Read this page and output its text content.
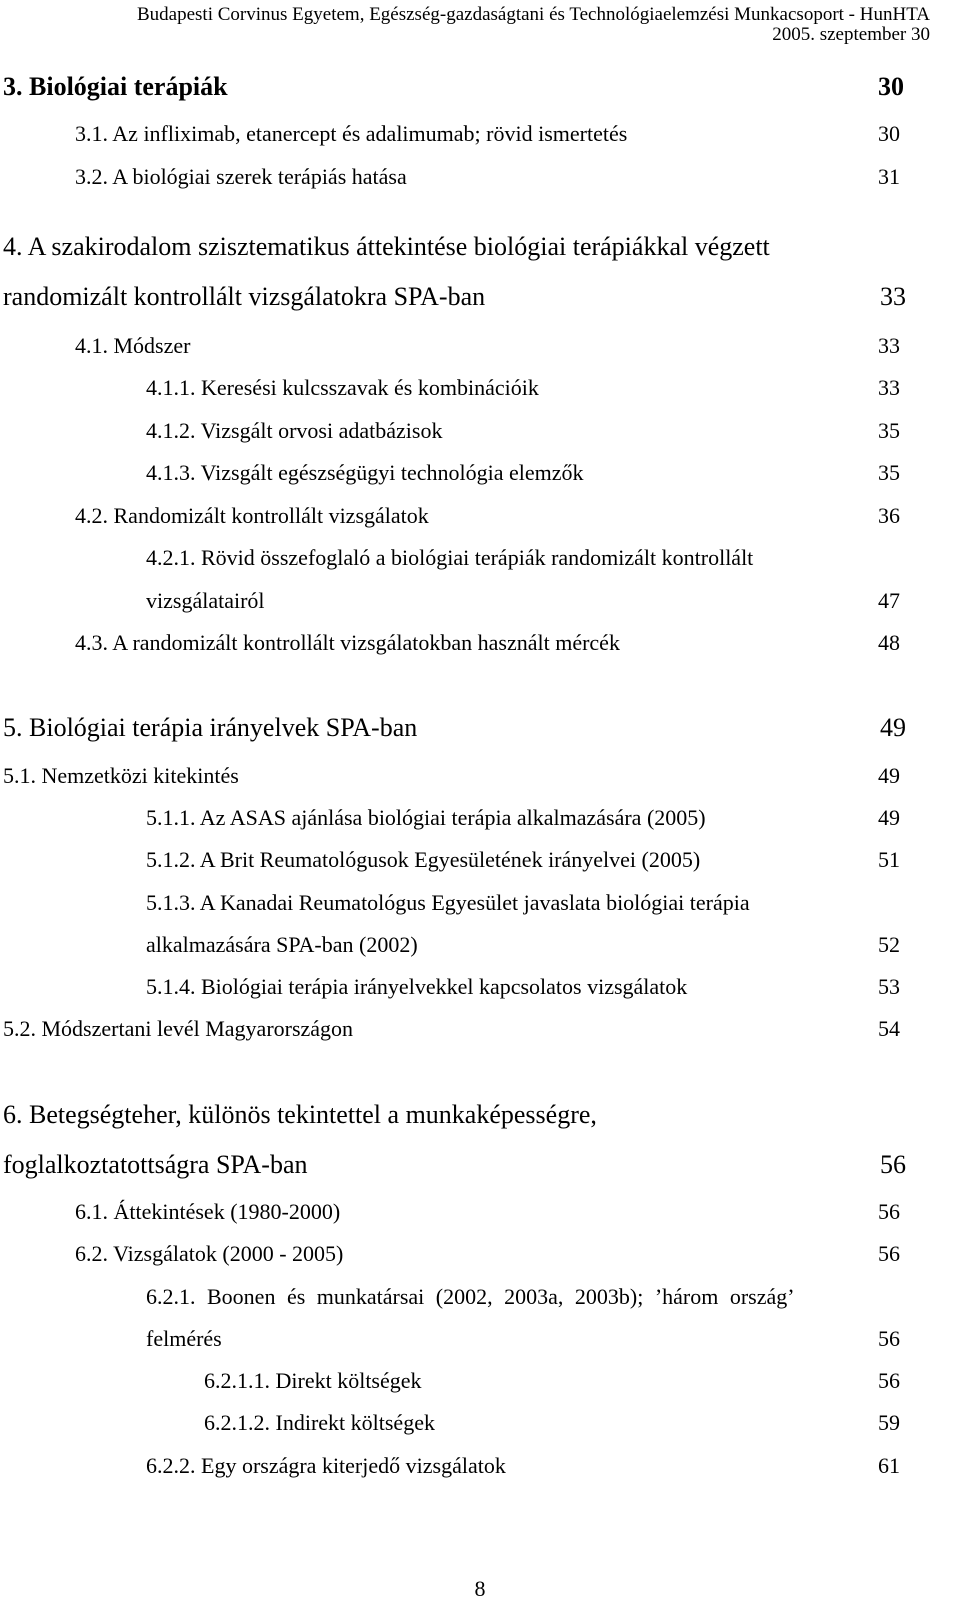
Budapesti Corvinus Egyetem, Egészség-gazdaságtani és Technológiaelemzési Munkacsoport - HunHTA
2005. szeptember 30
3. Biológiai terápiák	30
3.1. Az infliximab, etanercept és adalimumab; rövid ismertetés	30
3.2. A biológiai szerek terápiás hatása	31
4. A szakirodalom szisztematikus áttekintése biológiai terápiákkal végzett
randomizált kontrollált vizsgálatokra SPA-ban	33
4.1. Módszer	33
4.1.1. Keresési kulcsszavak és kombinációik	33
4.1.2. Vizsgált orvosi adatbázisok	35
4.1.3. Vizsgált egészségügyi technológia elemzők	35
4.2. Randomizált kontrollált vizsgálatok	36
4.2.1. Rövid összefoglaló a biológiai terápiák randomizált kontrollált
vizsgálatairól	47
4.3. A randomizált kontrollált vizsgálatokban használt mércék	48
5. Biológiai terápia irányelvek SPA-ban	49
5.1. Nemzetközi kitekintés	49
5.1.1. Az ASAS ajánlása biológiai terápia alkalmazására (2005)	49
5.1.2. A Brit Reumatológusok Egyesületének irányelvei (2005)	51
5.1.3. A Kanadai Reumatológus Egyesület javaslata biológiai terápia
alkalmazására SPA-ban (2002)	52
5.1.4. Biológiai terápia irányelvekkel kapcsolatos vizsgálatok	53
5.2. Módszertani levél Magyarországon	54
6. Betegségteher, különös tekintettel a munkaképességre,
foglalkoztatottságra SPA-ban	56
6.1. Áttekintések (1980-2000)	56
6.2. Vizsgálatok (2000 - 2005)	56
6.2.1. Boonen és munkatársai (2002, 2003a, 2003b); ’három ország’
felmérés	56
6.2.1.1. Direkt költségek	56
6.2.1.2. Indirekt költségek	59
6.2.2. Egy országra kiterjedő vizsgálatok	61
8
